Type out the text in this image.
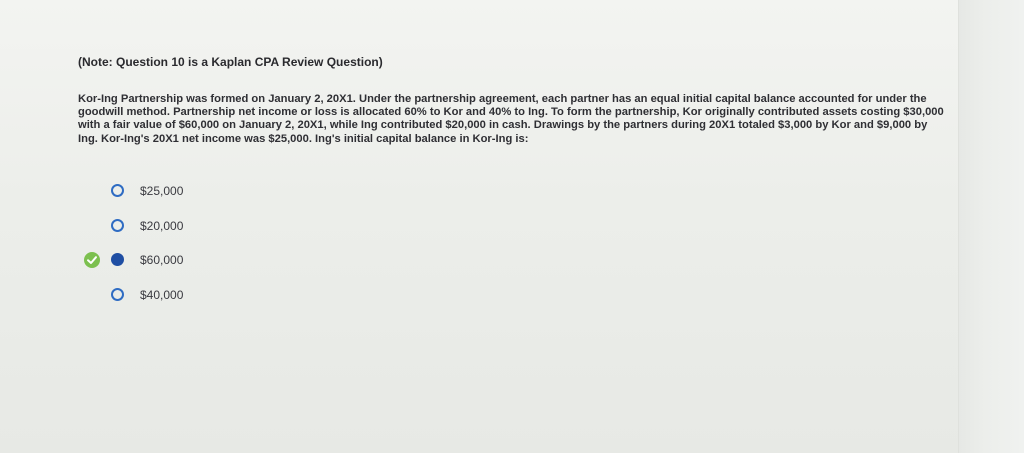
(Note: Question 10 is a Kaplan CPA Review Question)

Kor-Ing Partnership was formed on January 2, 20X1. Under the partnership agreement, each partner has an equal initial capital balance accounted for under the goodwill method. Partnership net income or loss is allocated 60% to Kor and 40% to Ing. To form the partnership, Kor originally contributed assets costing $30,000 with a fair value of $60,000 on January 2, 20X1, while Ing contributed $20,000 in cash. Drawings by the partners during 20X1 totaled $3,000 by Kor and $9,000 by Ing. Kor-Ing's 20X1 net income was $25,000. Ing's initial capital balance in Kor-Ing is:

$25,000
$20,000
$60,000
$40,000
